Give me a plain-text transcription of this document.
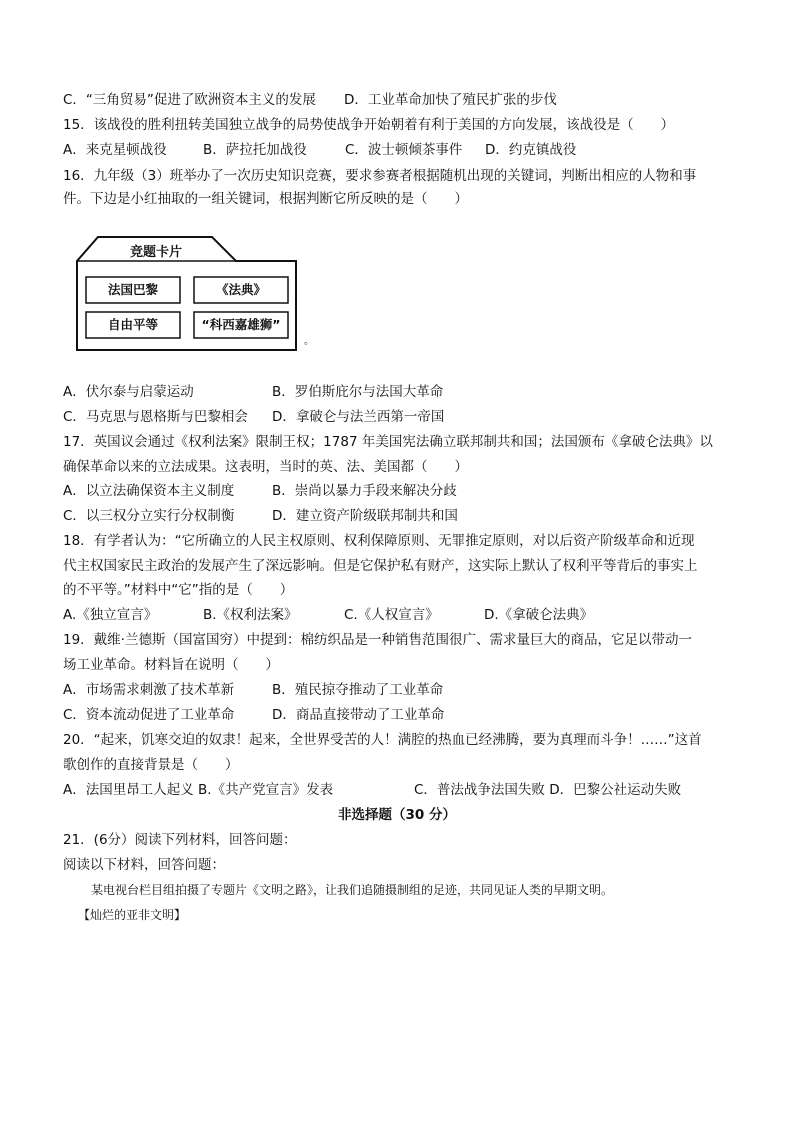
C．“三角贸易”促进了欧洲资本主义的发展 D．工业革命加快了殖民扩张的步伐
15．该战役的胜利扭转美国独立战争的局势使战争开始朝着有利于美国的方向发展，该战役是（　　）
A．来克星顿战役	B．萨拉托加战役	C．波士顿倾茶事件 D．约克镇战役
16．九年级（3）班举办了一次历史知识竞赛，要求参赛者根据随机出现的关键词，判断出相应的人物和事
件。下边是小红抽取的一组关键词，根据判断它所反映的是（　　）
竞题卡片
法国巴黎	《法典》
自由平等	“科西嘉雄狮”
。
A．伏尔泰与启蒙运动	B．罗伯斯庇尔与法国大革命
C．马克思与恩格斯与巴黎相会 D．拿破仑与法兰西第一帝国
17．英国议会通过《权利法案》限制王权；1787 年美国宪法确立联邦制共和国；法国颁布《拿破仑法典》以
确保革命以来的立法成果。这表明，当时的英、法、美国都（　　）
A．以立法确保资本主义制度	B．崇尚以暴力手段来解决分歧
C．以三权分立实行分权制衡	D．建立资产阶级联邦制共和国
18．有学者认为：“它所确立的人民主权原则、权利保障原则、无罪推定原则，对以后资产阶级革命和近现
代主权国家民主政治的发展产生了深远影响。但是它保护私有财产，这实际上默认了权利平等背后的事实上
的不平等。”材料中“它”指的是（　　）
A.《独立宣言》	B.《权利法案》	C.《人权宣言》	D.《拿破仑法典》
19．戴维·兰德斯（国富国穷）中提到：棉纺织品是一种销售范围很广、需求量巨大的商品，它足以带动一
场工业革命。材料旨在说明（　　）
A．市场需求刺激了技术革新	B．殖民掠夺推动了工业革命
C．资本流动促进了工业革命	D．商品直接带动了工业革命
20．“起来，饥寒交迫的奴隶！起来，全世界受苦的人！满腔的热血已经沸腾，要为真理而斗争！……”这首
歌创作的直接背景是（　　）
A．法国里昂工人起义 B.《共产党宣言》发表	C．普法战争法国失败 D．巴黎公社运动失败
非选择题（30 分）
21．(6分）阅读下列材料，回答问题：
阅读以下材料，回答问题：
某电视台栏目组拍摄了专题片《文明之路》，让我们追随摄制组的足迹，共同见证人类的早期文明。
【灿烂的亚非文明】
